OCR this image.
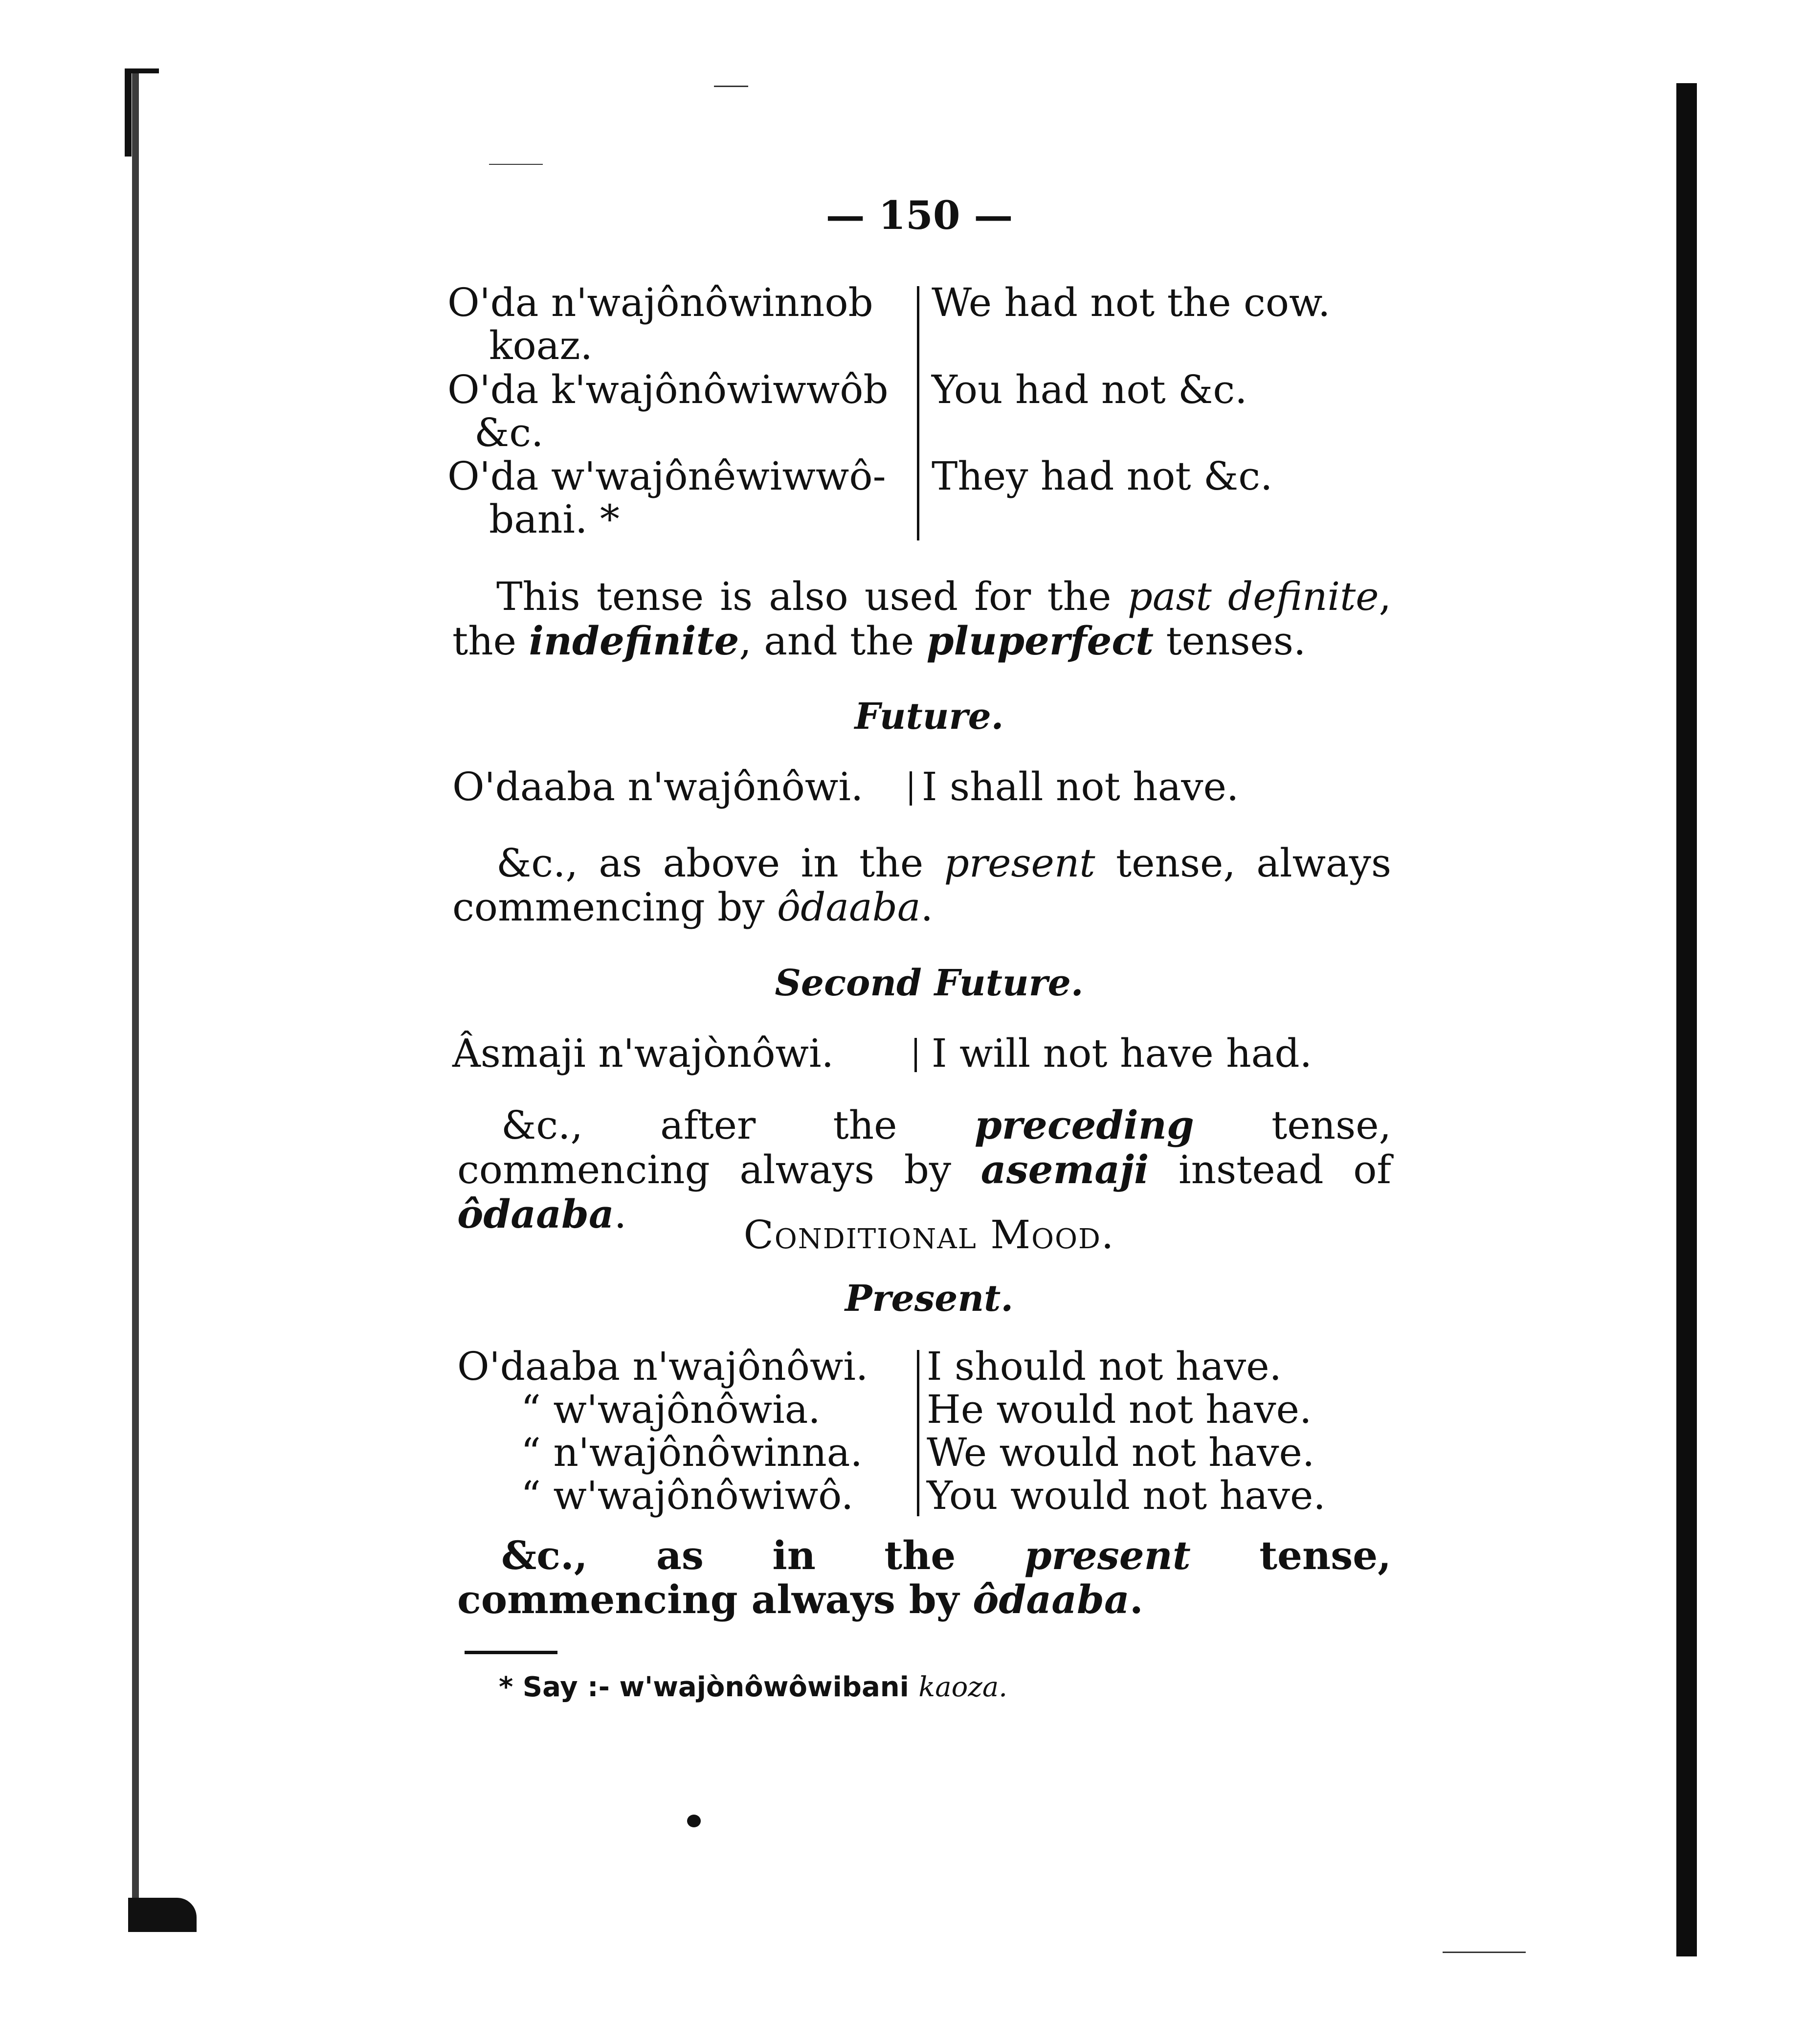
— 150 —
O'da n'wajônôwinnob
koaz.
We had not the cow.
O'da k'wajônôwiwwôb
&c.
You had not &c.
O'da w'wajônêwiwwô-
bani. *
They had not &c.
This tense is also used for the past definite, the indefinite, and the pluperfect tenses.
Future.
O'daaba n'wajônôwi. I shall not have.
&c., as above in the present tense, always commencing by ôdaaba.
Second Future.
Âsmaji n'wajònôwi. I will not have had.
&c., after the preceding tense, commencing always by asemaji instead of ôdaaba.	Conditional Mood.
Present.
O'daaba n'wajônôwi. I should not have.
“ w'wajônôwia.	He would not have.
“ n'wajônôwinna. We would not have.
“ w'wajônôwiwô. You would not have.
&c., as in the present tense, commencing always by ôdaaba.
* Say :- w'wajònôwôwibani kaoza.
